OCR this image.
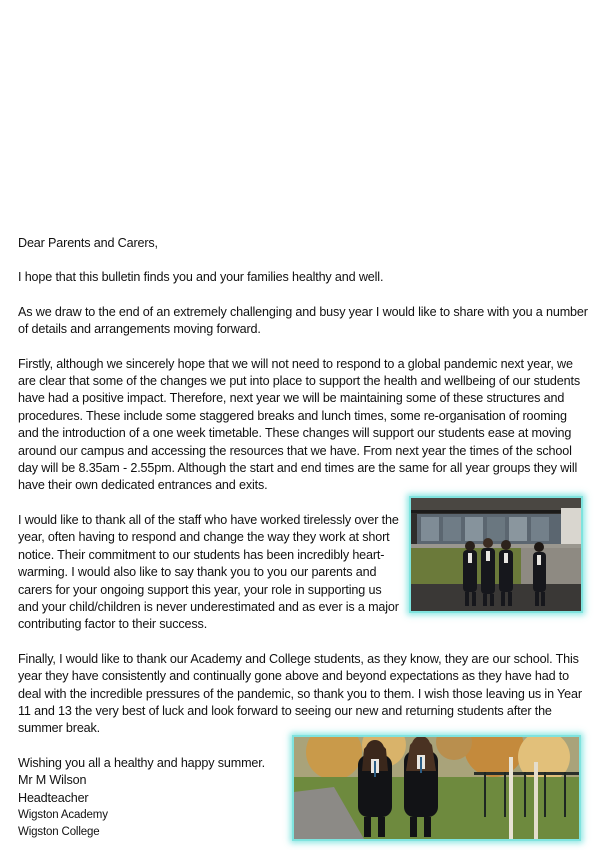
Dear Parents and Carers,

I hope that this bulletin finds you and your families healthy and well.

As we draw to the end of an extremely challenging and busy year I would like to share with you a number of details and arrangements moving forward.

Firstly, although we sincerely hope that we will not need to respond to a global pandemic next year, we are clear that some of the changes we put into place to support the health and wellbeing of our students have had a positive impact. Therefore, next year we will be maintaining some of these structures and procedures. These include some staggered breaks and lunch times, some re-organisation of rooming and the introduction of a one week timetable. These changes will support our students ease at moving around our campus and accessing the resources that we have. From next year the times of the school day will be 8.35am - 2.55pm. Although the start and end times are the same for all year groups they will have their own dedicated entrances and exits.

I would like to thank all of the staff who have worked tirelessly over the year, often having to respond and change the way they work at short notice. Their commitment to our students has been incredibly heart-warming. I would also like to say thank you to you our parents and carers for your ongoing support this year, your role in supporting us and your child/children is never underestimated and as ever is a major contributing factor to their success.

Finally, I would like to thank our Academy and College students, as they know, they are our school. This year they have consistently and continually gone above and beyond expectations as they have had to deal with the incredible pressures of the pandemic, so thank you to them. I wish those leaving us in Year 11 and 13 the very best of luck and look forward to seeing our new and returning students after the summer break.

Wishing you all a healthy and happy summer.

Mr M Wilson

Headteacher

Wigston Academy

Wigston College
